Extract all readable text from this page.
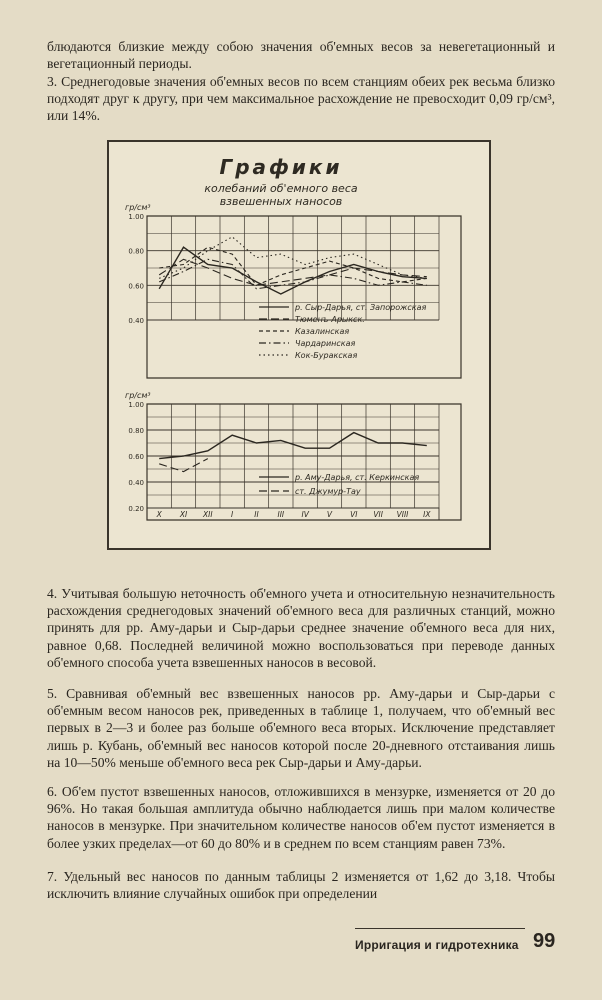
блюдаются близкие между собою значения об'емных весов за невегетационный и вегетационный периоды.

3. Среднегодовые значения об'емных весов по всем станциям обеих рек весьма близко подходят друг к другу, при чем максимальное расхождение не превосходит 0,09 гр/см³, или 14%.

Графики
колебаний об'емного веса
взвешенных наносов
1.00
0.80
0.60
0.40
гр/см³
р. Сыр-Дарья, ст. Запорожская
Тюменъ-Арыкск.
Казалинская
Чардаринская
Кок-Буракская
1.00
0.80
0.60
0.40
0.20
гр/см³
X XI XII I	II	III IV V VI VII VIII IX
р. Аму-Дарья, ст. Керкинская
ст. Джумур-Тау

4. Учитывая большую неточность об'емного учета и относительную незначительность расхождения среднегодовых значений об'емного веса для различных станций, можно принять для рр. Аму-дарьи и Сыр-дарьи среднее значение об'емного веса для них, равное 0,68. Последней величиной можно воспользоваться при переводе данных об'емного способа учета взвешенных наносов в весовой.

5. Сравнивая об'емный вес взвешенных наносов рр. Аму-дарьи и Сыр-дарьи с об'емным весом наносов рек, приведенных в таблице 1, получаем, что об'емный вес первых в 2—3 и более раз больше об'емного веса вторых. Исключение представляет лишь р. Кубань, об'емный вес наносов которой после 20-дневного отстаивания лишь на 10—50% меньше об'емного веса рек Сыр-дарьи и Аму-дарьи.

6. Об'ем пустот взвешенных наносов, отложившихся в мензурке, изменяется от 20 до 96%. Но такая большая амплитуда обычно наблюдается лишь при малом количестве наносов в мензурке. При значительном количестве наносов об'ем пустот изменяется в более узких пределах—от 60 до 80% и в среднем по всем станциям равен 73%.

7. Удельный вес наносов по данным таблицы 2 изменяется от 1,62 до 3,18. Чтобы исключить влияние случайных ошибок при определении

Ирригация и гидротехника 99
